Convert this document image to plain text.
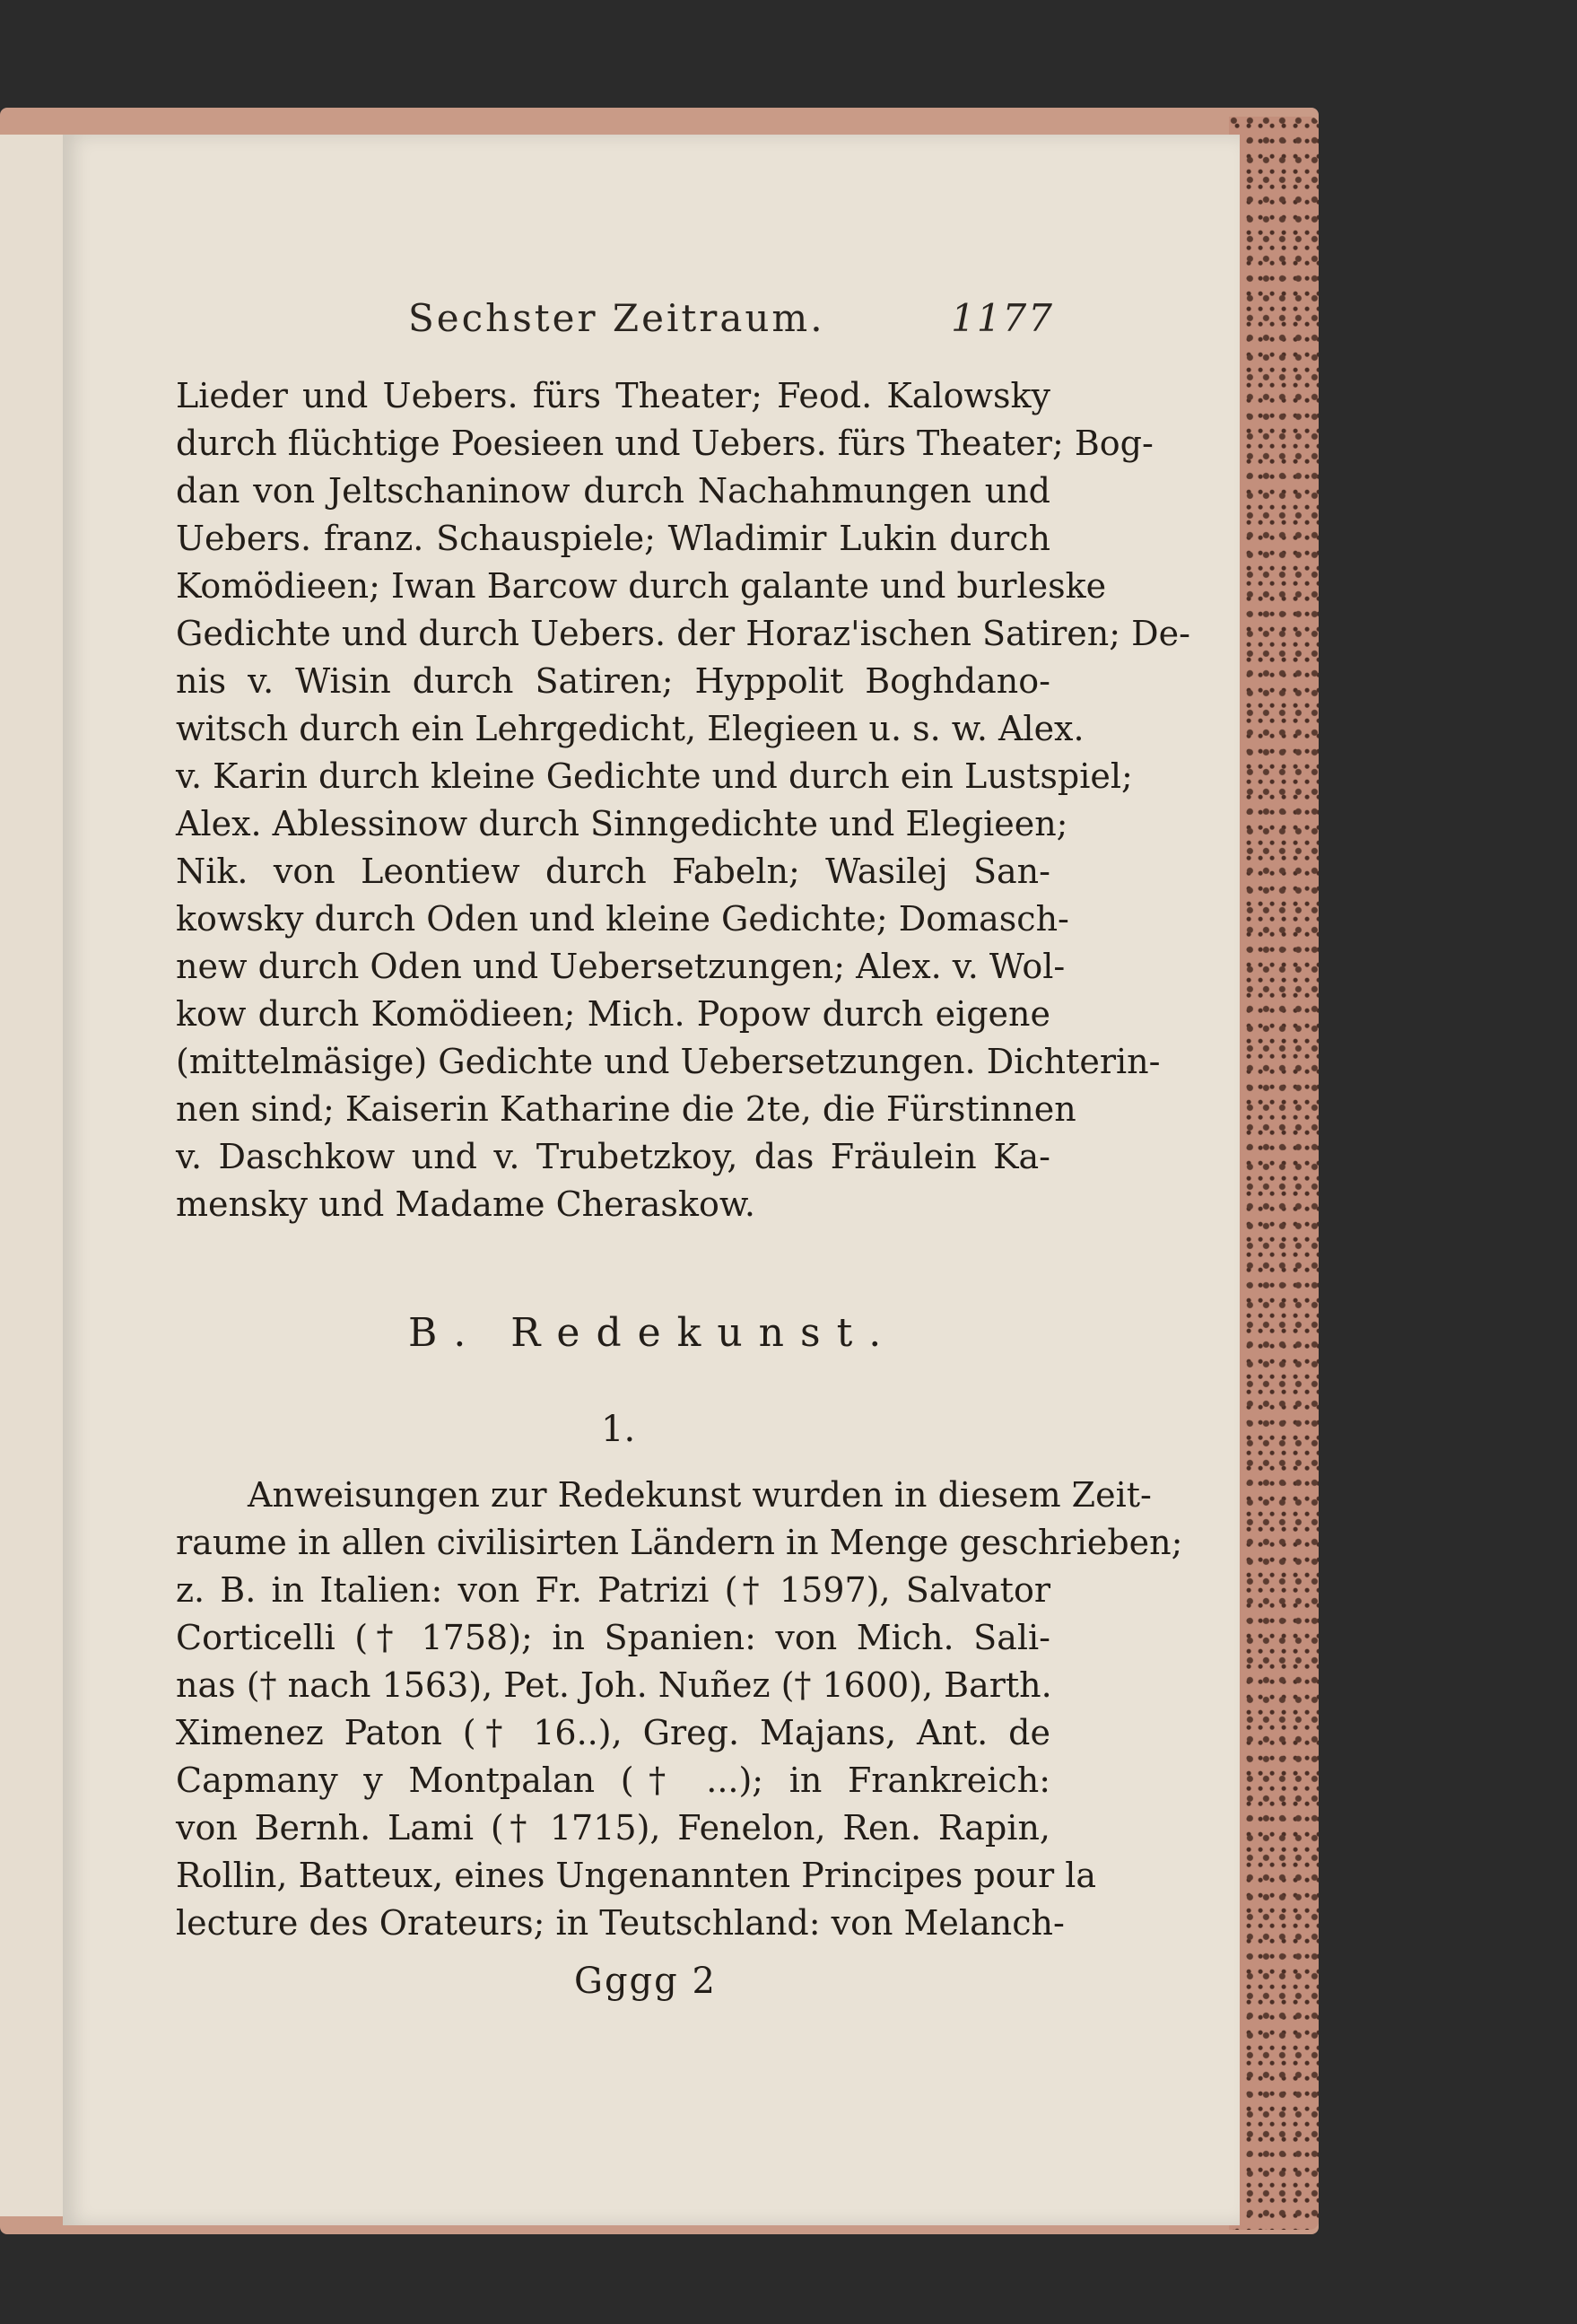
Sechster Zeitraum.	1177
Lieder und Uebers. fürs Theater; Feod. Kalowsky
durch flüchtige Poesieen und Uebers. fürs Theater; Bog-
dan von Jeltschaninow durch Nachahmungen und
Uebers. franz. Schauspiele; Wladimir Lukin durch
Komödieen; Iwan Barcow durch galante und burleske
Gedichte und durch Uebers. der Horaz'ischen Satiren; De-
nis v. Wisin durch Satiren; Hyppolit Boghdano-
witsch durch ein Lehrgedicht, Elegieen u. s. w. Alex.
v. Karin durch kleine Gedichte und durch ein Lustspiel;
Alex. Ablessinow durch Sinngedichte und Elegieen;
Nik. von Leontiew durch Fabeln; Wasilej San-
kowsky durch Oden und kleine Gedichte; Domasch-
new durch Oden und Uebersetzungen; Alex. v. Wol-
kow durch Komödieen; Mich. Popow durch eigene
(mittelmäsige) Gedichte und Uebersetzungen. Dichterin-
nen sind; Kaiserin Katharine die 2te, die Fürstinnen
v. Daschkow und v. Trubetzkoy, das Fräulein Ka-
mensky und Madame Cheraskow.
B. Redekunst.
1.
Anweisungen zur Redekunst wurden in diesem Zeit-
raume in allen civilisirten Ländern in Menge geschrieben;
z. B. in Italien: von Fr. Patrizi († 1597), Salvator
Corticelli († 1758); in Spanien: von Mich. Sali-
nas († nach 1563), Pet. Joh. Nuñez († 1600), Barth.
Ximenez Paton († 16..), Greg. Majans, Ant. de
Capmany y Montpalan († ...); in Frankreich:
von Bernh. Lami († 1715), Fenelon, Ren. Rapin,
Rollin, Batteux, eines Ungenannten Principes pour la
lecture des Orateurs; in Teutschland: von Melanch-
Gggg 2
